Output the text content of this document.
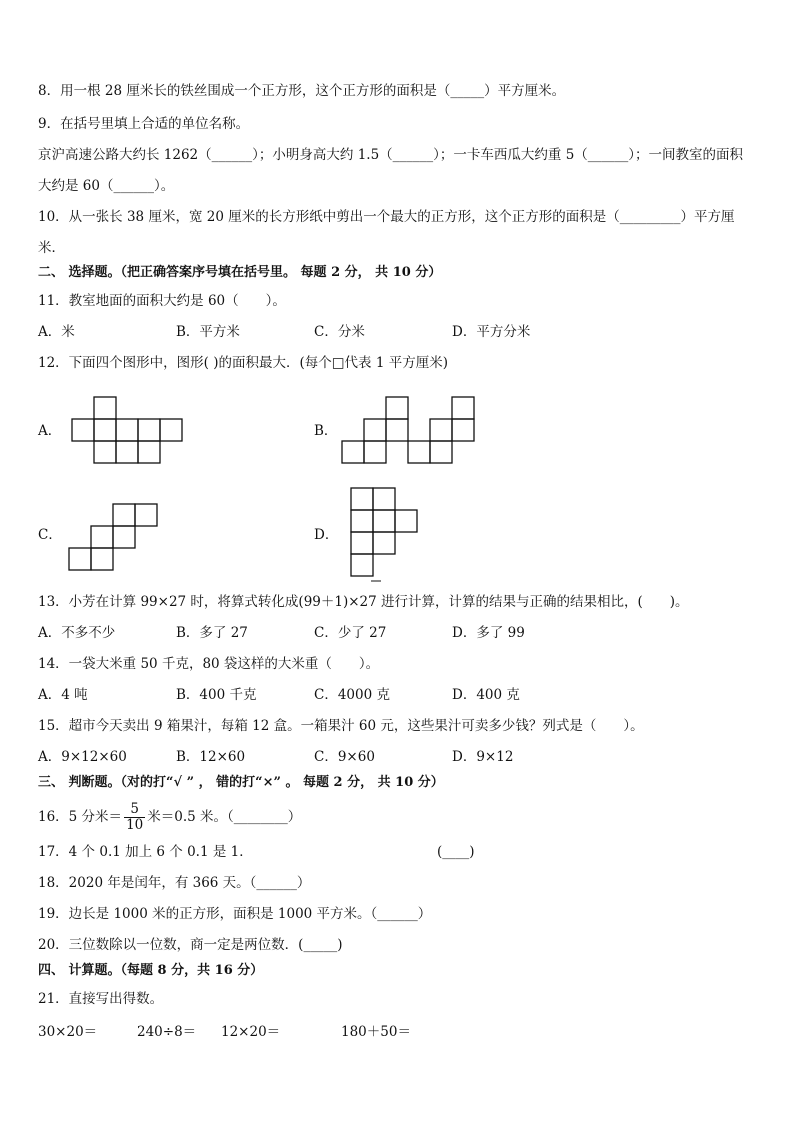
8．用一根 28 厘米长的铁丝围成一个正方形，这个正方形的面积是（_____）平方厘米。
9．在括号里填上合适的单位名称。
京沪高速公路大约长 1262（______）；小明身高大约 1.5（______）；一卡车西瓜大约重 5（______）；一间教室的面积
大约是 60（______）。
10．从一张长 38 厘米，宽 20 厘米的长方形纸中剪出一个最大的正方形，这个正方形的面积是（_________）平方厘
米．
二、 选择题。（把正确答案序号填在括号里。 每题 2 分， 共 10 分）
11．教室地面的面积大约是 60（　　）。
A．米	B．平方米	C．分米	D．平方分米
12．下面四个图形中，图形( )的面积最大．(每个□代表 1 平方厘米)
A．	B．
C．	D．
13．小芳在计算 99×27 时，将算式转化成(99＋1)×27 进行计算，计算的结果与正确的结果相比，(　　)。
A．不多不少	B．多了 27	C．少了 27	D．多了 99
14．一袋大米重 50 千克，80 袋这样的大米重（　　）。
A．4 吨	B．400 千克	C．4000 克	D．400 克
15．超市今天卖出 9 箱果汁，每箱 12 盒。一箱果汁 60 元，这些果汁可卖多少钱？列式是（　　）。
A．9×12×60	B．12×60	C．9×60	D．9×12
三、 判断题。（对的打“√ ” ， 错的打“×” 。 每题 2 分， 共 10 分）
16．5 分米＝ $\frac{5}{10}$ 米＝0.5 米。（________）
17．4 个 0.1 加上 6 个 0.1 是 1．	(____)
18．2020 年是闰年，有 366 天。（______）
19．边长是 1000 米的正方形，面积是 1000 平方米。（______）
20．三位数除以一位数，商一定是两位数．(_____)
四、 计算题。（每题 8 分，共 16 分）
21．直接写出得数。
30×20＝	240÷8＝ 12×20＝	180＋50＝
